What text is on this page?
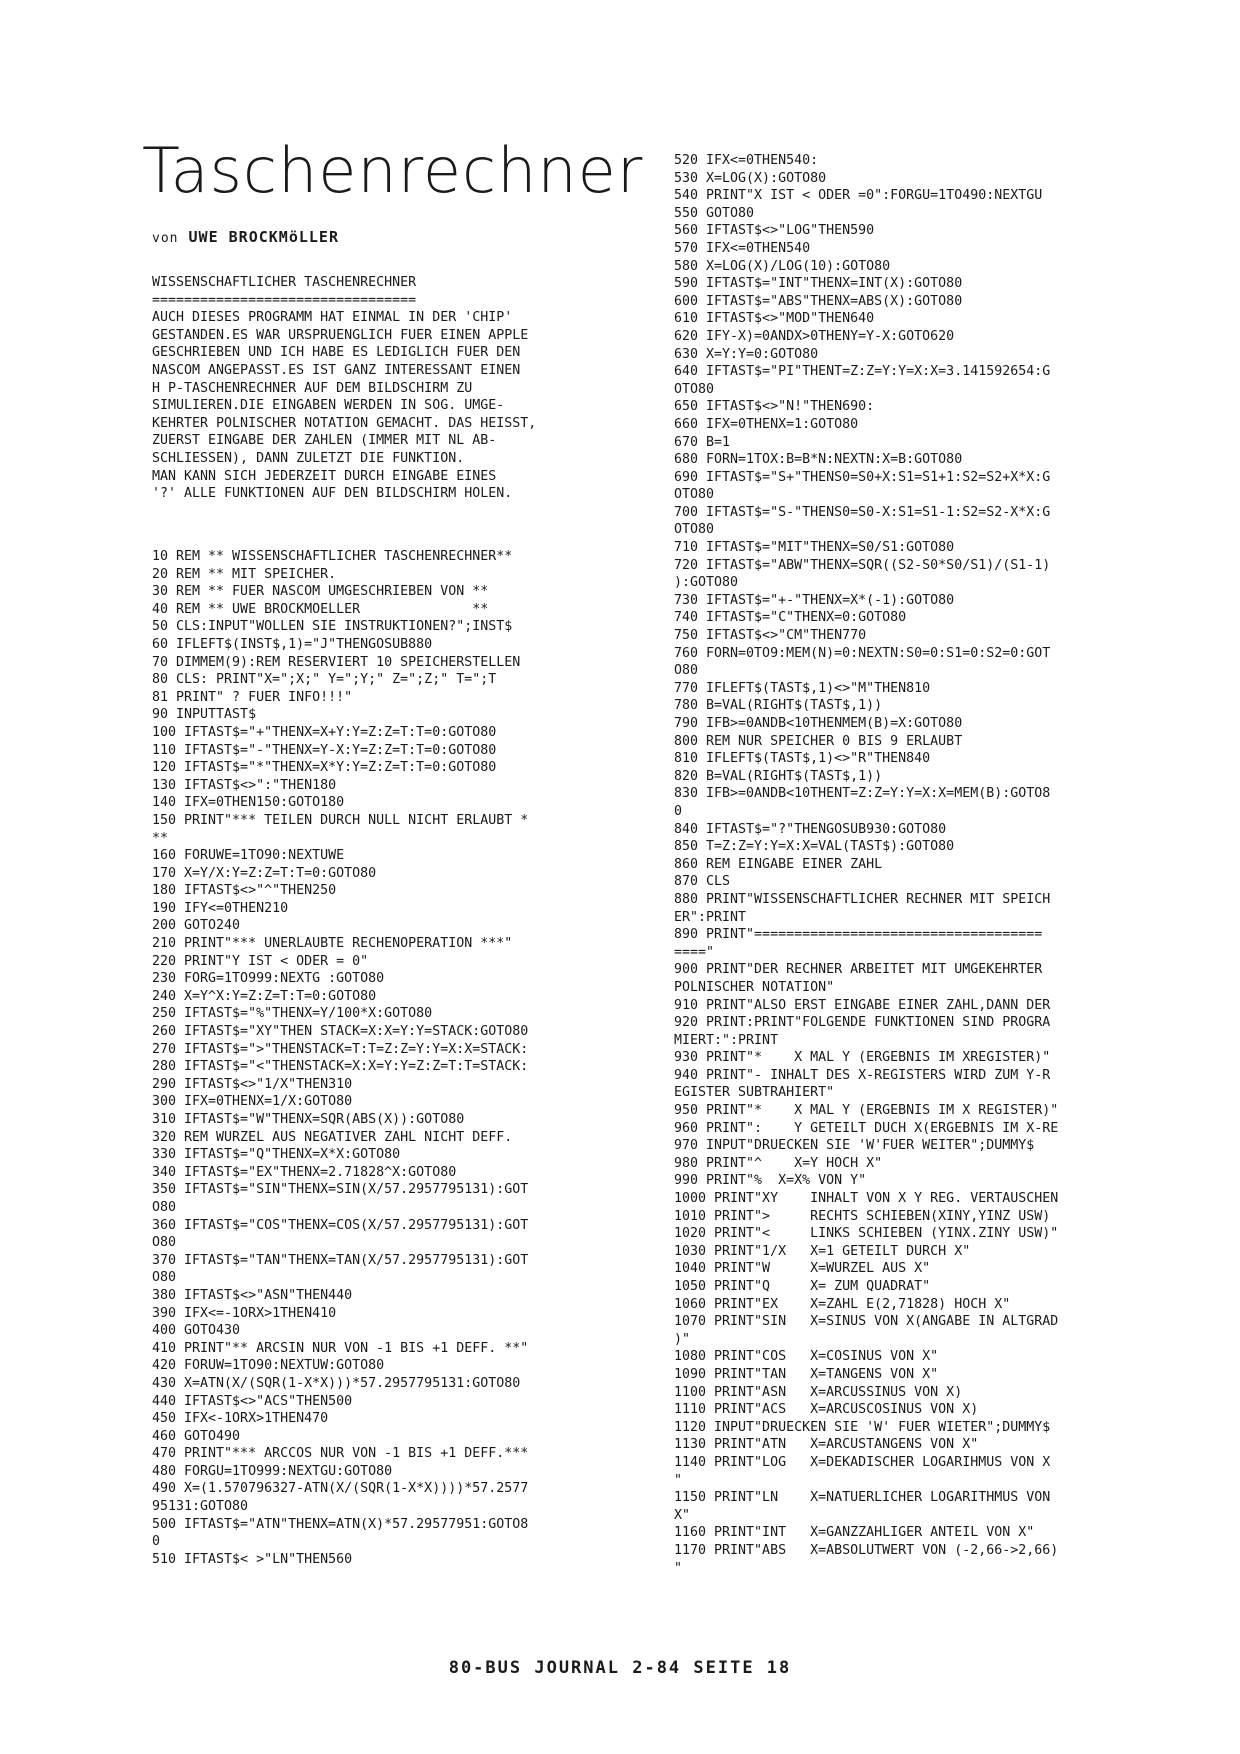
Taschenrechner
von UWE BROCKMöLLER
WISSENSCHAFTLICHER TASCHENRECHNER
=================================
AUCH DIESES PROGRAMM HAT EINMAL IN DER 'CHIP'
GESTANDEN.ES WAR URSPRUENGLICH FUER EINEN APPLE
GESCHRIEBEN UND ICH HABE ES LEDIGLICH FUER DEN
NASCOM ANGEPASST.ES IST GANZ INTERESSANT EINEN
H P-TASCHENRECHNER AUF DEM BILDSCHIRM ZU
SIMULIEREN.DIE EINGABEN WERDEN IN SOG. UMGE-
KEHRTER POLNISCHER NOTATION GEMACHT. DAS HEISST,
ZUERST EINGABE DER ZAHLEN (IMMER MIT NL AB-
SCHLIESSEN), DANN ZULETZT DIE FUNKTION.
MAN KANN SICH JEDERZEIT DURCH EINGABE EINES
'?' ALLE FUNKTIONEN AUF DEN BILDSCHIRM HOLEN.
10 REM ** WISSENSCHAFTLICHER TASCHENRECHNER**
20 REM ** MIT SPEICHER.
30 REM ** FUER NASCOM UMGESCHRIEBEN VON **
40 REM ** UWE BROCKMOELLER              **
50 CLS:INPUT"WOLLEN SIE INSTRUKTIONEN?";INST$
60 IFLEFT$(INST$,1)="J"THENGOSUB880
70 DIMMEM(9):REM RESERVIERT 10 SPEICHERSTELLEN
80 CLS: PRINT"X=";X;" Y=";Y;" Z=";Z;" T=";T
81 PRINT" ? FUER INFO!!!"
90 INPUTTAST$
100 IFTAST$="+"THENX=X+Y:Y=Z:Z=T:T=0:GOTO80
110 IFTAST$="-"THENX=Y-X:Y=Z:Z=T:T=0:GOTO80
120 IFTAST$="*"THENX=X*Y:Y=Z:Z=T:T=0:GOTO80
130 IFTAST$<>":"THEN180
140 IFX=0THEN150:GOTO180
150 PRINT"*** TEILEN DURCH NULL NICHT ERLAUBT *
**
160 FORUWE=1TO90:NEXTUWE
170 X=Y/X:Y=Z:Z=T:T=0:GOTO80
180 IFTAST$<>"^"THEN250
190 IFY<=0THEN210
200 GOTO240
210 PRINT"*** UNERLAUBTE RECHENOPERATION ***"
220 PRINT"Y IST < ODER = 0"
230 FORG=1TO999:NEXTG :GOTO80
240 X=Y^X:Y=Z:Z=T:T=0:GOTO80
250 IFTAST$="%"THENX=Y/100*X:GOTO80
260 IFTAST$="XY"THEN STACK=X:X=Y:Y=STACK:GOTO80
270 IFTAST$=">"THENSTACK=T:T=Z:Z=Y:Y=X:X=STACK:
280 IFTAST$="<"THENSTACK=X:X=Y:Y=Z:Z=T:T=STACK:
290 IFTAST$<>"1/X"THEN310
300 IFX=0THENX=1/X:GOTO80
310 IFTAST$="W"THENX=SQR(ABS(X)):GOTO80
320 REM WURZEL AUS NEGATIVER ZAHL NICHT DEFF.
330 IFTAST$="Q"THENX=X*X:GOTO80
340 IFTAST$="EX"THENX=2.71828^X:GOTO80
350 IFTAST$="SIN"THENX=SIN(X/57.2957795131):GOT
O80
360 IFTAST$="COS"THENX=COS(X/57.2957795131):GOT
O80
370 IFTAST$="TAN"THENX=TAN(X/57.2957795131):GOT
O80
380 IFTAST$<>"ASN"THEN440
390 IFX<=-1ORX>1THEN410
400 GOTO430
410 PRINT"** ARCSIN NUR VON -1 BIS +1 DEFF. **"
420 FORUW=1TO90:NEXTUW:GOTO80
430 X=ATN(X/(SQR(1-X*X)))*57.2957795131:GOTO80
440 IFTAST$<>"ACS"THEN500
450 IFX<-1ORX>1THEN470
460 GOTO490
470 PRINT"*** ARCCOS NUR VON -1 BIS +1 DEFF.***
480 FORGU=1TO999:NEXTGU:GOTO80
490 X=(1.570796327-ATN(X/(SQR(1-X*X))))*57.2577
95131:GOTO80
500 IFTAST$="ATN"THENX=ATN(X)*57.29577951:GOTO8
0
510 IFTAST$< >"LN"THEN560
520 IFX<=0THEN540:
530 X=LOG(X):GOTO80
540 PRINT"X IST < ODER =0":FORGU=1TO490:NEXTGU
550 GOTO80
560 IFTAST$<>"LOG"THEN590
570 IFX<=0THEN540
580 X=LOG(X)/LOG(10):GOTO80
590 IFTAST$="INT"THENX=INT(X):GOTO80
600 IFTAST$="ABS"THENX=ABS(X):GOTO80
610 IFTAST$<>"MOD"THEN640
620 IFY-X)=0ANDX>0THENY=Y-X:GOTO620
630 X=Y:Y=0:GOTO80
640 IFTAST$="PI"THENT=Z:Z=Y:Y=X:X=3.141592654:G
OTO80
650 IFTAST$<>"N!"THEN690:
660 IFX=0THENX=1:GOTO80
670 B=1
680 FORN=1TOX:B=B*N:NEXTN:X=B:GOTO80
690 IFTAST$="S+"THENS0=S0+X:S1=S1+1:S2=S2+X*X:G
OTO80
700 IFTAST$="S-"THENS0=S0-X:S1=S1-1:S2=S2-X*X:G
OTO80
710 IFTAST$="MIT"THENX=S0/S1:GOTO80
720 IFTAST$="ABW"THENX=SQR((S2-S0*S0/S1)/(S1-1)
):GOTO80
730 IFTAST$="+-"THENX=X*(-1):GOTO80
740 IFTAST$="C"THENX=0:GOTO80
750 IFTAST$<>"CM"THEN770
760 FORN=0TO9:MEM(N)=0:NEXTN:S0=0:S1=0:S2=0:GOT
O80
770 IFLEFT$(TAST$,1)<>"M"THEN810
780 B=VAL(RIGHT$(TAST$,1))
790 IFB>=0ANDB<10THENMEM(B)=X:GOTO80
800 REM NUR SPEICHER 0 BIS 9 ERLAUBT
810 IFLEFT$(TAST$,1)<>"R"THEN840
820 B=VAL(RIGHT$(TAST$,1))
830 IFB>=0ANDB<10THENT=Z:Z=Y:Y=X:X=MEM(B):GOTO8
0
840 IFTAST$="?"THENGOSUB930:GOTO80
850 T=Z:Z=Y:Y=X:X=VAL(TAST$):GOTO80
860 REM EINGABE EINER ZAHL
870 CLS
880 PRINT"WISSENSCHAFTLICHER RECHNER MIT SPEICH
ER":PRINT
890 PRINT"====================================
===="
900 PRINT"DER RECHNER ARBEITET MIT UMGEKEHRTER
POLNISCHER NOTATION"
910 PRINT"ALSO ERST EINGABE EINER ZAHL,DANN DER
920 PRINT:PRINT"FOLGENDE FUNKTIONEN SIND PROGRA
MIERT:":PRINT
930 PRINT"*    X MAL Y (ERGEBNIS IM XREGISTER)"
940 PRINT"- INHALT DES X-REGISTERS WIRD ZUM Y-R
EGISTER SUBTRAHIERT"
950 PRINT"*    X MAL Y (ERGEBNIS IM X REGISTER)"
960 PRINT":    Y GETEILT DUCH X(ERGEBNIS IM X-RE
970 INPUT"DRUECKEN SIE 'W'FUER WEITER";DUMMY$
980 PRINT"^    X=Y HOCH X"
990 PRINT"%  X=X% VON Y"
1000 PRINT"XY    INHALT VON X Y REG. VERTAUSCHEN
1010 PRINT">     RECHTS SCHIEBEN(XINY,YINZ USW)
1020 PRINT"<     LINKS SCHIEBEN (YINX.ZINY USW)"
1030 PRINT"1/X   X=1 GETEILT DURCH X"
1040 PRINT"W     X=WURZEL AUS X"
1050 PRINT"Q     X= ZUM QUADRAT"
1060 PRINT"EX    X=ZAHL E(2,71828) HOCH X"
1070 PRINT"SIN   X=SINUS VON X(ANGABE IN ALTGRAD
)"
1080 PRINT"COS   X=COSINUS VON X"
1090 PRINT"TAN   X=TANGENS VON X"
1100 PRINT"ASN   X=ARCUSSINUS VON X)
1110 PRINT"ACS   X=ARCUSCOSINUS VON X)
1120 INPUT"DRUECKEN SIE 'W' FUER WIETER";DUMMY$
1130 PRINT"ATN   X=ARCUSTANGENS VON X"
1140 PRINT"LOG   X=DEKADISCHER LOGARIHMUS VON X
"
1150 PRINT"LN    X=NATUERLICHER LOGARITHMUS VON
X"
1160 PRINT"INT   X=GANZZAHLIGER ANTEIL VON X"
1170 PRINT"ABS   X=ABSOLUTWERT VON (-2,66->2,66)
"
80-BUS JOURNAL 2-84 SEITE 18
